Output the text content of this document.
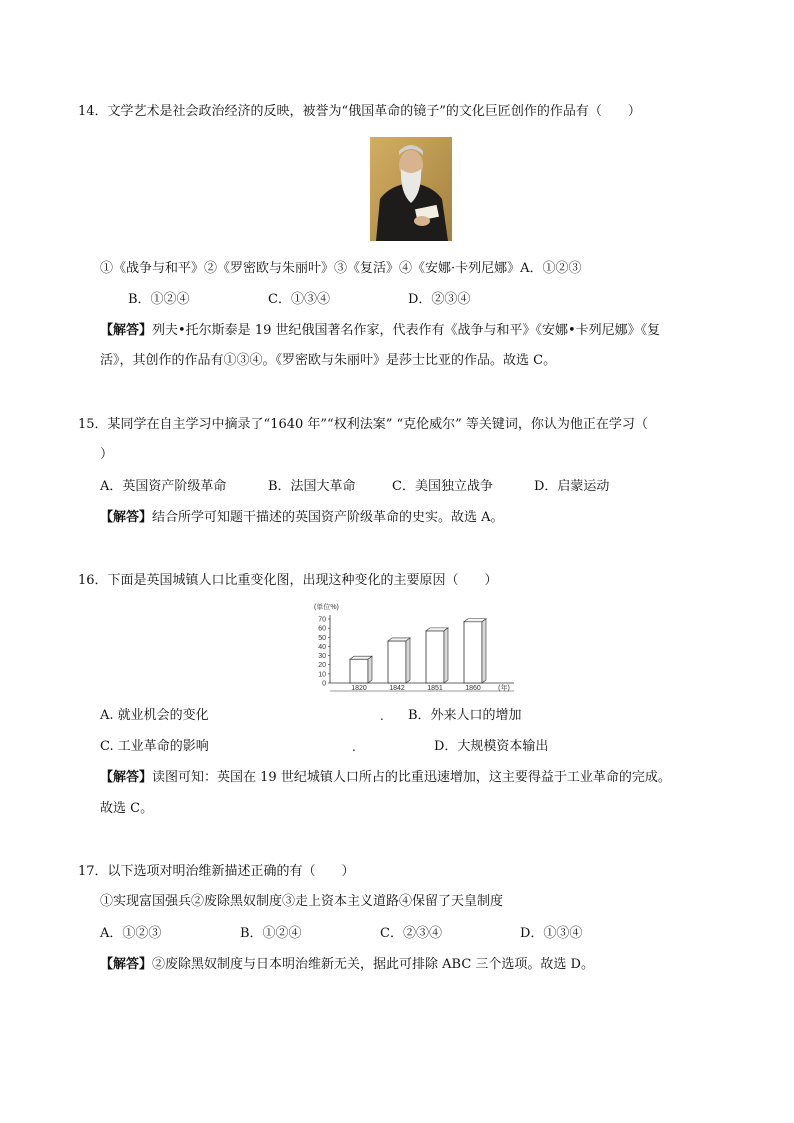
14．文学艺术是社会政治经济的反映，被誉为“俄国革命的镜子”的文化巨匠创作的作品有（　　）
①《战争与和平》②《罗密欧与朱丽叶》③《复活》④《安娜·卡列尼娜》A．①②③
B．①②④	C．①③④	D．②③④
【解答】列夫•托尔斯泰是 19 世纪俄国著名作家，代表作有《战争与和平》《安娜•卡列尼娜》《复
活》，其创作的作品有①③④。《罗密欧与朱丽叶》是莎士比亚的作品。故选 C。
15．某同学在自主学习中摘录了“1640 年”“权利法案” “克伦威尔” 等关键词，你认为他正在学习（
）
A．英国资产阶级革命	B．法国大革命	C．美国独立战争	D．启蒙运动
【解答】结合所学可知题干描述的英国资产阶级革命的史实。故选 A。
16．下面是英国城镇人口比重变化图，出现这种变化的主要原因（　　）
(单位%)
0
10
20
30
40
50
60
70
1820	1842	1851	1860 (年)
A. 就业机会的变化	. B．外来人口的增加
C. 工业革命的影响	.	D．大规模资本输出
【解答】读图可知：英国在 19 世纪城镇人口所占的比重迅速增加，这主要得益于工业革命的完成。
故选 C。
17．以下选项对明治维新描述正确的有（　　）
①实现富国强兵②废除黑奴制度③走上资本主义道路④保留了天皇制度
A．①②③	B．①②④	C．②③④	D．①③④
【解答】②废除黑奴制度与日本明治维新无关，据此可排除 ABC 三个选项。故选 D。
